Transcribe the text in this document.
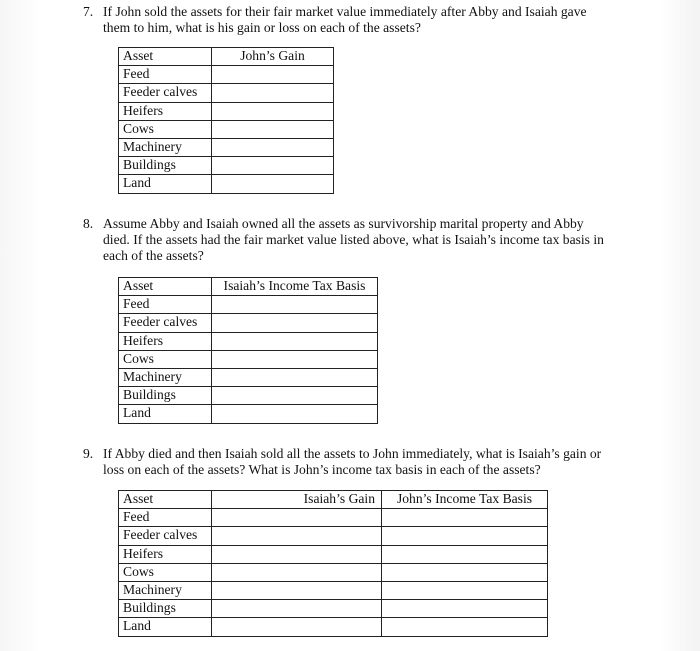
7. If John sold the assets for their fair market value immediately after Abby and Isaiah gave
them to him, what is his gain or loss on each of the assets?
Asset	John’s Gain
Feed	
Feeder calves	
Heifers	
Cows	
Machinery	
Buildings	
Land	
8. Assume Abby and Isaiah owned all the assets as survivorship marital property and Abby
died. If the assets had the fair market value listed above, what is Isaiah’s income tax basis in
each of the assets?
Asset	Isaiah’s Income Tax Basis
Feed	
Feeder calves	
Heifers	
Cows	
Machinery	
Buildings	
Land	
9. If Abby died and then Isaiah sold all the assets to John immediately, what is Isaiah’s gain or
loss on each of the assets? What is John’s income tax basis in each of the assets?
Asset	Isaiah’s Gain	John’s Income Tax Basis
Feed		
Feeder calves		
Heifers		
Cows		
Machinery		
Buildings		
Land		
